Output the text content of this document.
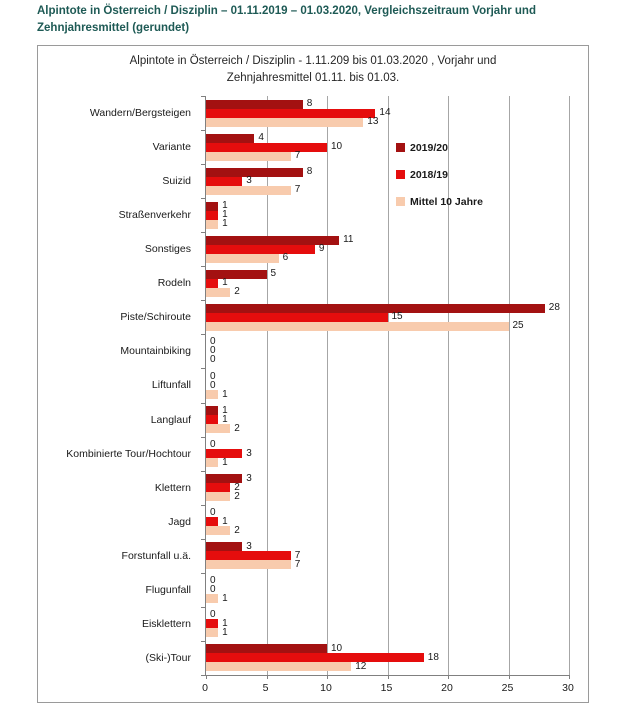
Alpintote in Österreich / Disziplin – 01.11.2019 – 01.03.2020, Vergleichszeitraum Vorjahr und Zehnjahresmittel (gerundet)
Alpintote in Österreich / Disziplin - 1.11.209 bis 01.03.2020 , Vorjahr und Zehnjahresmittel 01.11. bis 01.03.
Wandern/Bergsteigen
Variante
Suizid
Straßenverkehr
Sonstiges
Rodeln
Piste/Schiroute
Mountainbiking
Liftunfall
Langlauf
Kombinierte Tour/Hochtour
Klettern
Jagd
Forstunfall u.ä.
Flugunfall
Eisklettern
(Ski-)Tour
8
14
13
4
10
7
8
3
7
1
1
1
11
9
6
5
1
2
28
15
25
0
0
0
0
0
1
1
1
2
0
3
1
3
2
2
0
1
2
3
7
7
0
0
1
0
1
1
10
18
12
0	5	10	15	20	25	30
2019/20
2018/19
Mittel 10 Jahre
